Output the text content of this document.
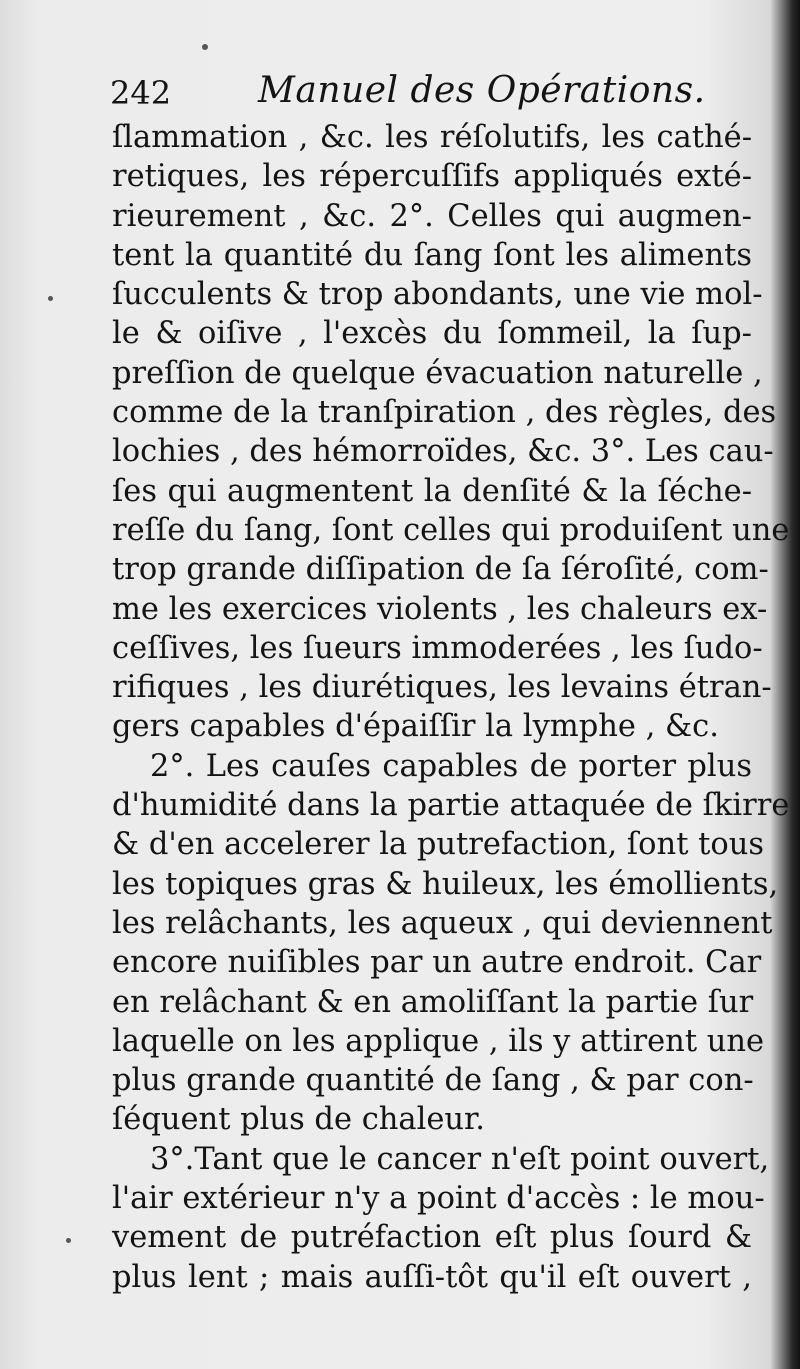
242 Manuel des Opérations.
ſlammation , &c. les réſolutifs, les cathé-
retiques, les répercuſſifs appliqués exté-
rieurement , &c. 2°. Celles qui augmen-
tent la quantité du ſang ſont les aliments
ſucculents & trop abondants, une vie mol-
le & oiſive , l'excès du ſommeil, la ſup-
preſſion de quelque évacuation naturelle ,
comme de la tranſpiration , des règles, des
lochies , des hémorroïdes, &c. 3°. Les cau-
ſes qui augmentent la denſité & la ſéche-
reſſe du ſang, ſont celles qui produiſent une
trop grande diſſipation de ſa ſéroſité, com-
me les exercices violents , les chaleurs ex-
ceſſives, les ſueurs immoderées , les ſudo-
rifiques , les diurétiques, les levains étran-
gers capables d'épaiſſir la lymphe , &c.
2°. Les cauſes capables de porter plus
d'humidité dans la partie attaquée de ſkirre
& d'en accelerer la putrefaction, ſont tous
les topiques gras & huileux, les émollients,
les relâchants, les aqueux , qui deviennent
encore nuiſibles par un autre endroit. Car
en relâchant & en amoliſſant la partie ſur
laquelle on les applique , ils y attirent une
plus grande quantité de ſang , & par con-
ſéquent plus de chaleur.
3°.Tant que le cancer n'eſt point ouvert,
l'air extérieur n'y a point d'accès : le mou-
vement de putréfaction eſt plus ſourd &
plus lent ; mais auſſi-tôt qu'il eſt ouvert ,
